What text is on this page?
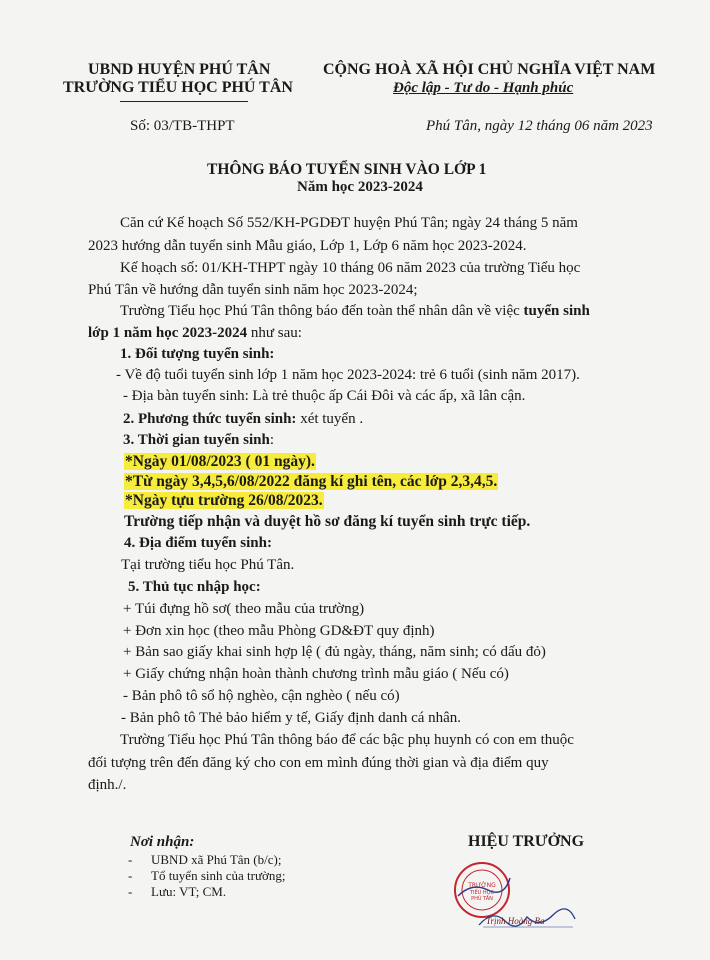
UBND HUYỆN PHÚ TÂN
TRƯỜNG TIỂU HỌC PHÚ TÂN
CỘNG HOÀ XÃ HỘI CHỦ NGHĨA VIỆT NAM
Độc lập - Tư do - Hạnh phúc
Số: 03/TB-THPT	Phú Tân, ngày 12 tháng 06 năm 2023
THÔNG BÁO TUYỂN SINH VÀO LỚP 1
Năm học 2023-2024
Căn cứ Kế hoạch Số 552/KH-PGDĐT huyện Phú Tân; ngày 24 tháng 5 năm
2023 hướng dẫn tuyển sinh Mẫu giáo, Lớp 1, Lớp 6 năm học 2023-2024.
Kế hoạch số: 01/KH-THPT ngày 10 tháng 06 năm 2023 của trường Tiểu học
Phú Tân về hướng dẫn tuyển sinh năm học 2023-2024;
Trường Tiểu học Phú Tân thông báo đến toàn thể nhân dân về việc tuyển sinh
lớp 1 năm học 2023-2024 như sau:
1. Đối tượng tuyển sinh:
- Về độ tuổi tuyển sinh lớp 1 năm học 2023-2024: trẻ 6 tuổi (sinh năm 2017).
- Địa bàn tuyển sinh: Là trẻ thuộc ấp Cái Đôi và các ấp, xã lân cận.
2. Phương thức tuyển sinh: xét tuyển .
3. Thời gian tuyển sinh:
*Ngày 01/08/2023 ( 01 ngày).
*Từ ngày 3,4,5,6/08/2022 đăng kí ghi tên, các lớp 2,3,4,5.
*Ngày tựu trường 26/08/2023.
Trường tiếp nhận và duyệt hồ sơ đăng kí tuyển sinh trực tiếp.
4. Địa điểm tuyển sinh:
Tại trường tiểu học Phú Tân.
5. Thủ tục nhập học:
+ Túi đựng hồ sơ( theo mẫu của trường)
+ Đơn xin học (theo mẫu Phòng GD&ĐT quy định)
+ Bản sao giấy khai sinh hợp lệ ( đủ ngày, tháng, năm sinh; có dấu đỏ)
+ Giấy chứng nhận hoàn thành chương trình mẫu giáo ( Nếu có)
- Bản phô tô sổ hộ nghèo, cận nghèo ( nếu có)
- Bản phô tô Thẻ bảo hiểm y tế, Giấy định danh cá nhân.
Trường Tiểu học Phú Tân thông báo để các bậc phụ huynh có con em thuộc
đối tượng trên đến đăng ký cho con em mình đúng thời gian và địa điểm quy
định./.
Nơi nhận:
- UBND xã Phú Tân (b/c);
- Tổ tuyển sinh của trường;
- Lưu: VT; CM.
HIỆU TRƯỞNG
TRƯỜNG
TIỂU HỌC
PHÚ TÂN
Trịnh Hoàng Ba
